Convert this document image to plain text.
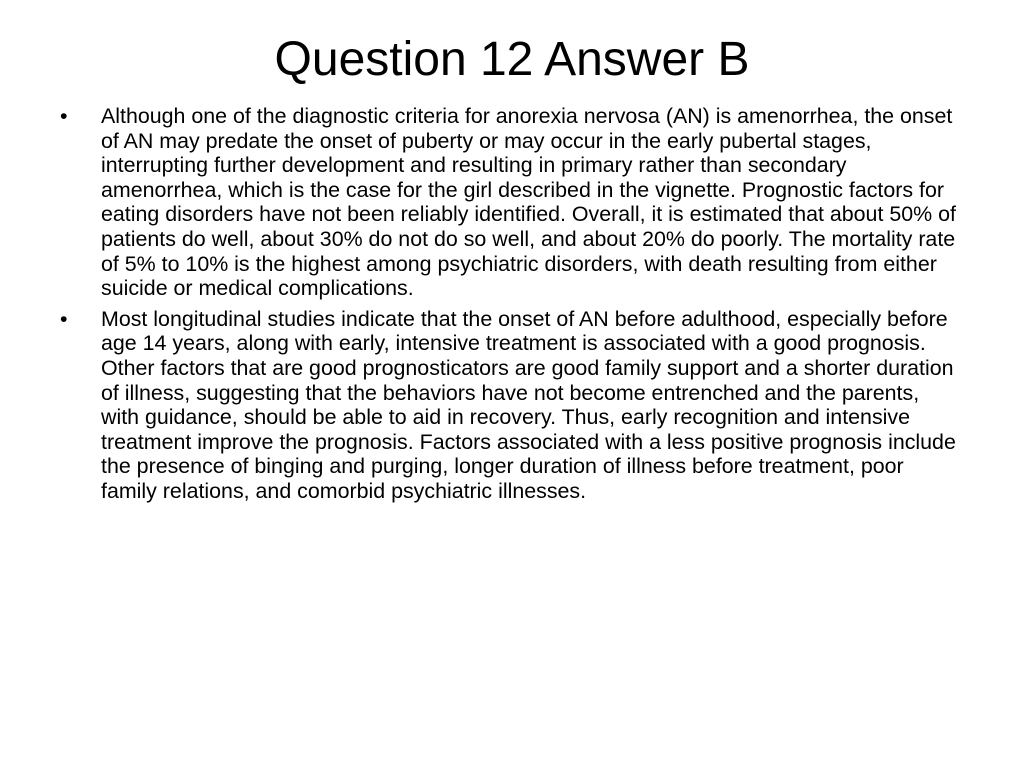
Question 12 Answer B
•	Although one of the diagnostic criteria for anorexia nervosa (AN) is amenorrhea, the onset of AN may predate the onset of puberty or may occur in the early pubertal stages, interrupting further development and resulting in primary rather than secondary amenorrhea, which is the case for the girl described in the vignette. Prognostic factors for eating disorders have not been reliably identified. Overall, it is estimated that about 50% of patients do well, about 30% do not do so well, and about 20% do poorly. The mortality rate of 5% to 10% is the highest among psychiatric disorders, with death resulting from either suicide or medical complications.
•	Most longitudinal studies indicate that the onset of AN before adulthood, especially before age 14 years, along with early, intensive treatment is associated with a good prognosis. Other factors that are good prognosticators are good family support and a shorter duration of illness, suggesting that the behaviors have not become entrenched and the parents, with guidance, should be able to aid in recovery. Thus, early recognition and intensive treatment improve the prognosis. Factors associated with a less positive prognosis include the presence of binging and purging, longer duration of illness before treatment, poor family relations, and comorbid psychiatric illnesses.
